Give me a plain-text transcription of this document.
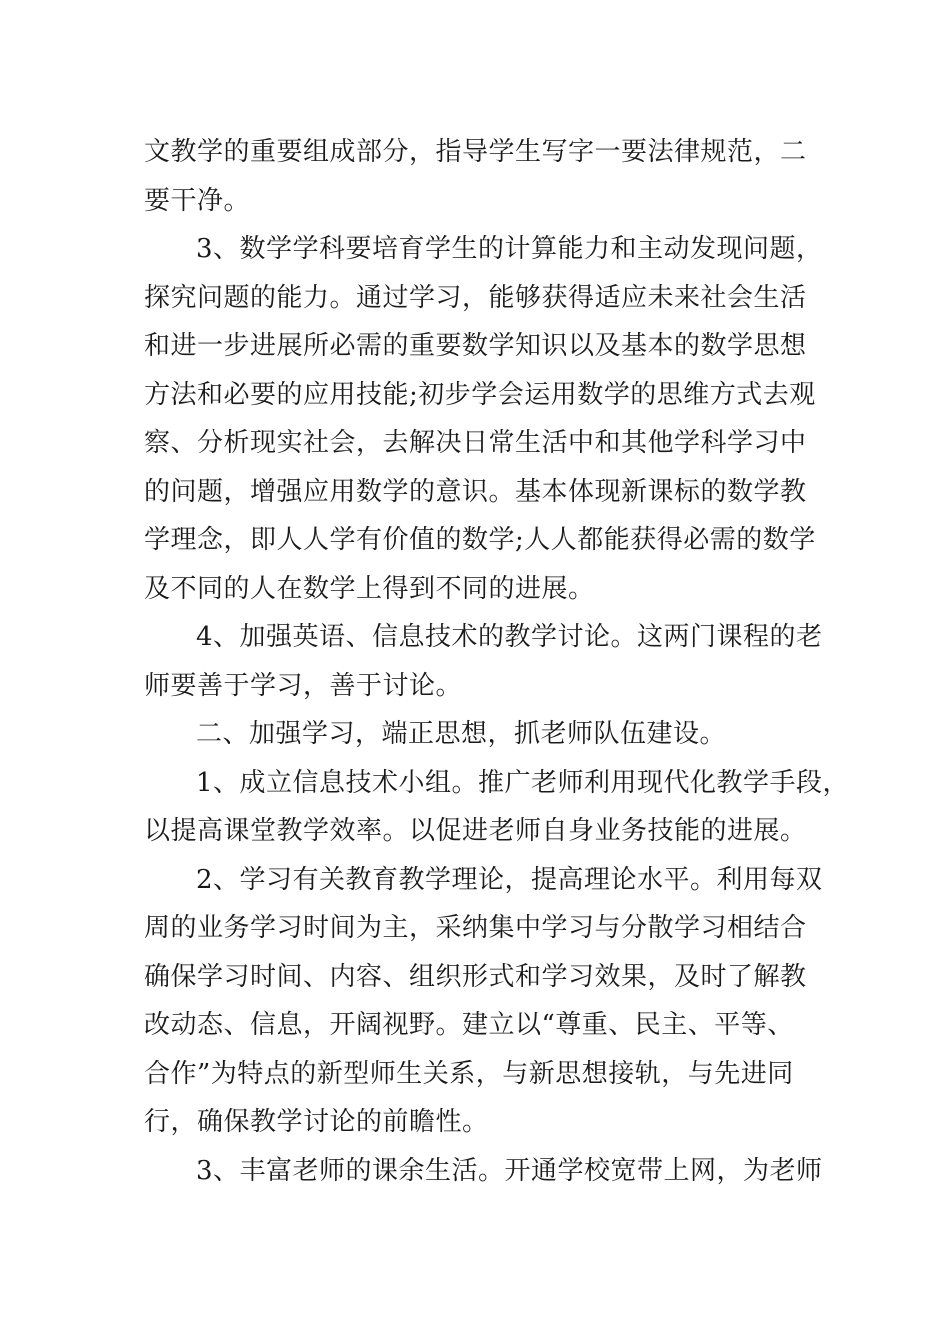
文教学的重要组成部分，指导学生写字一要法律规范，二
要干净。

3、数学学科要培育学生的计算能力和主动发现问题，
探究问题的能力。通过学习，能够获得适应未来社会生活
和进一步进展所必需的重要数学知识以及基本的数学思想
方法和必要的应用技能;初步学会运用数学的思维方式去观
察、分析现实社会，去解决日常生活中和其他学科学习中
的问题，增强应用数学的意识。基本体现新课标的数学教
学理念，即人人学有价值的数学;人人都能获得必需的数学
及不同的人在数学上得到不同的进展。

4、加强英语、信息技术的教学讨论。这两门课程的老
师要善于学习，善于讨论。

二、加强学习，端正思想，抓老师队伍建设。

1、成立信息技术小组。推广老师利用现代化教学手段，
以提高课堂教学效率。以促进老师自身业务技能的进展。

2、学习有关教育教学理论，提高理论水平。利用每双
周的业务学习时间为主，采纳集中学习与分散学习相结合
确保学习时间、内容、组织形式和学习效果，及时了解教
改动态、信息，开阔视野。建立以“尊重、民主、平等、
合作”为特点的新型师生关系，与新思想接轨，与先进同
行，确保教学讨论的前瞻性。

3、丰富老师的课余生活。开通学校宽带上网，为老师
